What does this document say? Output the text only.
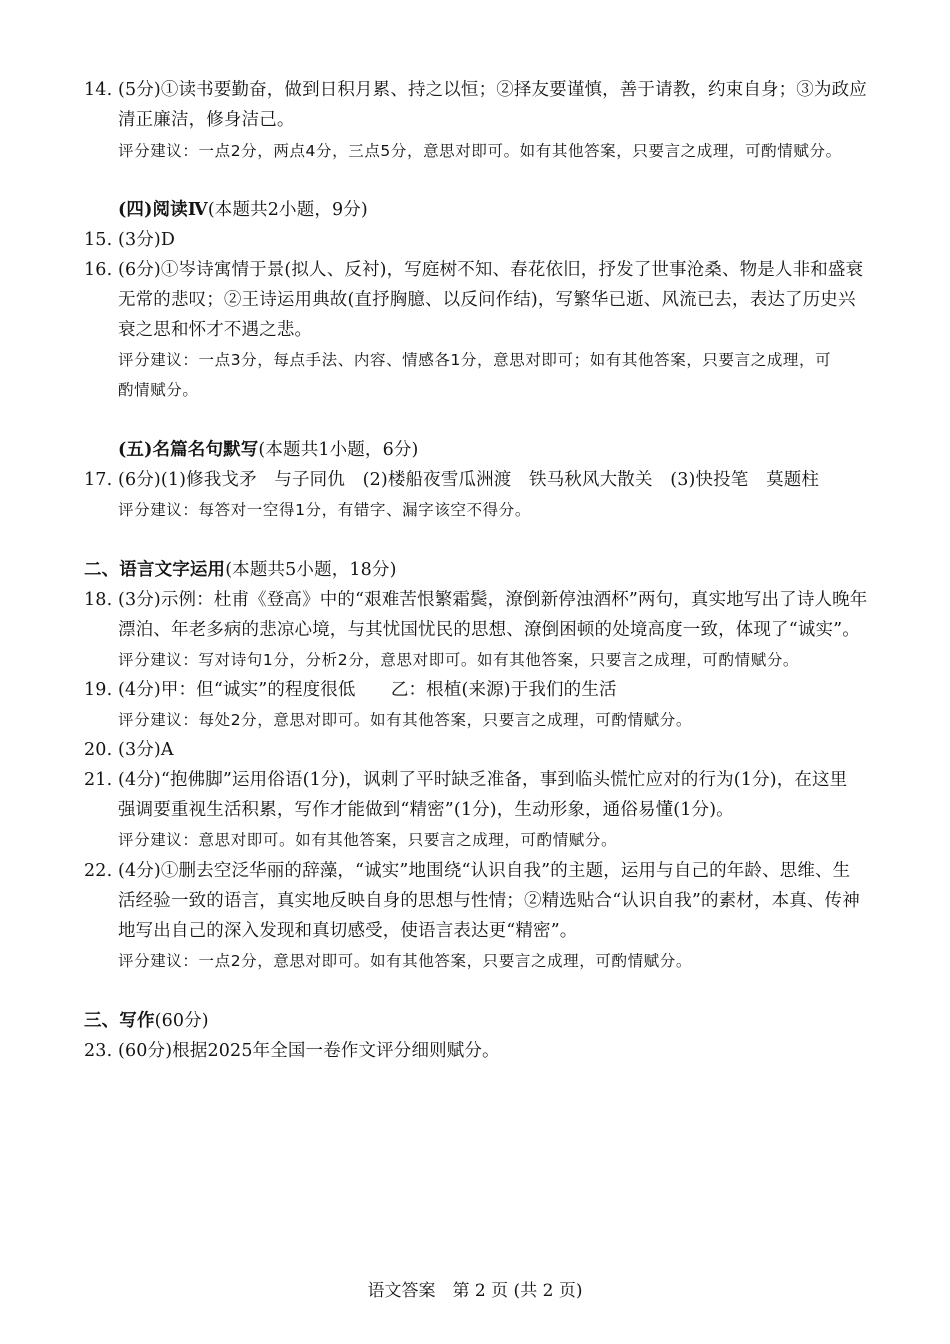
14. (5分)①读书要勤奋，做到日积月累、持之以恒；②择友要谨慎，善于请教，约束自身；③为政应
清正廉洁，修身洁己。
评分建议：一点2分，两点4分，三点5分，意思对即可。如有其他答案，只要言之成理，可酌情赋分。
(四)阅读Ⅳ(本题共2小题，9分)
15. (3分)D
16. (6分)①岑诗寓情于景(拟人、反衬)，写庭树不知、春花依旧，抒发了世事沧桑、物是人非和盛衰
无常的悲叹；②王诗运用典故(直抒胸臆、以反问作结)，写繁华已逝、风流已去，表达了历史兴
衰之思和怀才不遇之悲。
评分建议：一点3分，每点手法、内容、情感各1分，意思对即可；如有其他答案，只要言之成理，可
酌情赋分。
(五)名篇名句默写(本题共1小题，6分)
17. (6分)(1)修我戈矛　与子同仇　(2)楼船夜雪瓜洲渡　铁马秋风大散关　(3)快投笔　莫题柱
评分建议：每答对一空得1分，有错字、漏字该空不得分。
二、语言文字运用(本题共5小题，18分)
18. (3分)示例：杜甫《登高》中的“艰难苦恨繁霜鬓，潦倒新停浊酒杯”两句，真实地写出了诗人晚年
漂泊、年老多病的悲凉心境，与其忧国忧民的思想、潦倒困顿的处境高度一致，体现了“诚实”。
评分建议：写对诗句1分，分析2分，意思对即可。如有其他答案，只要言之成理，可酌情赋分。
19. (4分)甲：但“诚实”的程度很低　　乙：根植(来源)于我们的生活
评分建议：每处2分，意思对即可。如有其他答案，只要言之成理，可酌情赋分。
20. (3分)A
21. (4分)“抱佛脚”运用俗语(1分)，讽刺了平时缺乏准备，事到临头慌忙应对的行为(1分)，在这里
强调要重视生活积累，写作才能做到“精密”(1分)，生动形象，通俗易懂(1分)。
评分建议：意思对即可。如有其他答案，只要言之成理，可酌情赋分。
22. (4分)①删去空泛华丽的辞藻，“诚实”地围绕“认识自我”的主题，运用与自己的年龄、思维、生
活经验一致的语言，真实地反映自身的思想与性情；②精选贴合“认识自我”的素材，本真、传神
地写出自己的深入发现和真切感受，使语言表达更“精密”。
评分建议：一点2分，意思对即可。如有其他答案，只要言之成理，可酌情赋分。
三、写作(60分)
23. (60分)根据2025年全国一卷作文评分细则赋分。
语文答案　第 2 页 (共 2 页)
